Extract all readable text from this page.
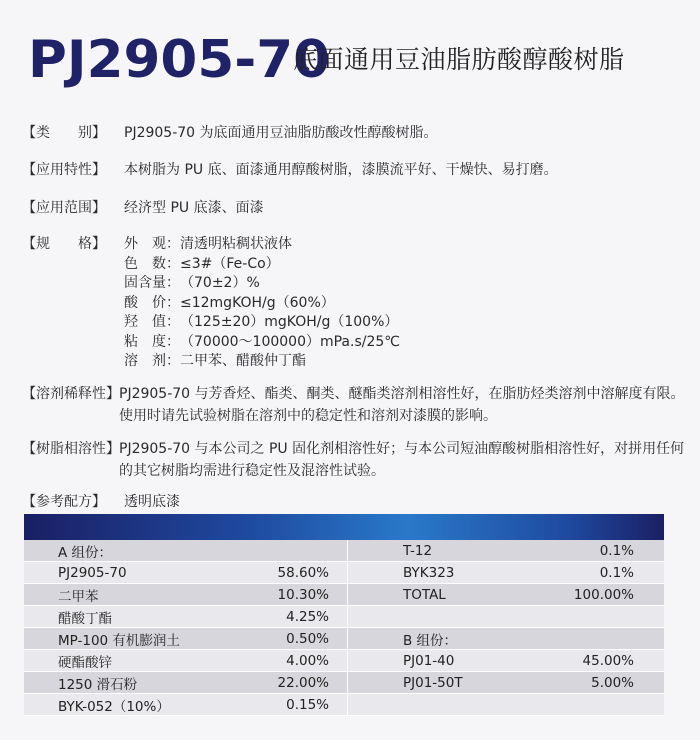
PJ2905-70
底面通用豆油脂肪酸醇酸树脂
【类　　别】 PJ2905-70 为底面通用豆油脂肪酸改性醇酸树脂。
【应用特性】 本树脂为 PU 底、面漆通用醇酸树脂，漆膜流平好、干燥快、易打磨。
【应用范围】 经济型 PU 底漆、面漆
【规　　格】 外　观：清透明粘稠状液体
色　数：≤3#（Fe-Co）
固含量：（70±2）%
酸　价：≤12mgKOH/g（60%）
羟　值：（125±20）mgKOH/g（100%）
粘　度：（70000～100000）mPa.s/25℃
溶　剂：二甲苯、醋酸仲丁酯
【溶剂稀释性】 PJ2905-70 与芳香烃、酯类、酮类、醚酯类溶剂相溶性好，在脂肪烃类溶剂中溶解度有限。使用时请先试验树脂在溶剂中的稳定性和溶剂对漆膜的影响。
【树脂相溶性】 PJ2905-70 与本公司之 PU 固化剂相溶性好；与本公司短油醇酸树脂相溶性好，对拼用任何的其它树脂均需进行稳定性及混溶性试验。
【参考配方】 透明底漆
A 组份：		T-12	0.1%
PJ2905-70	58.60%	BYK323	0.1%
二甲苯	10.30%	TOTAL	100.00%
醋酸丁酯	4.25%		
MP-100 有机膨润土	0.50%	B 组份：	
硬酯酸锌	4.00%	PJ01-40	45.00%
1250 滑石粉	22.00%	PJ01-50T	5.00%
BYK-052（10%）	0.15%		
